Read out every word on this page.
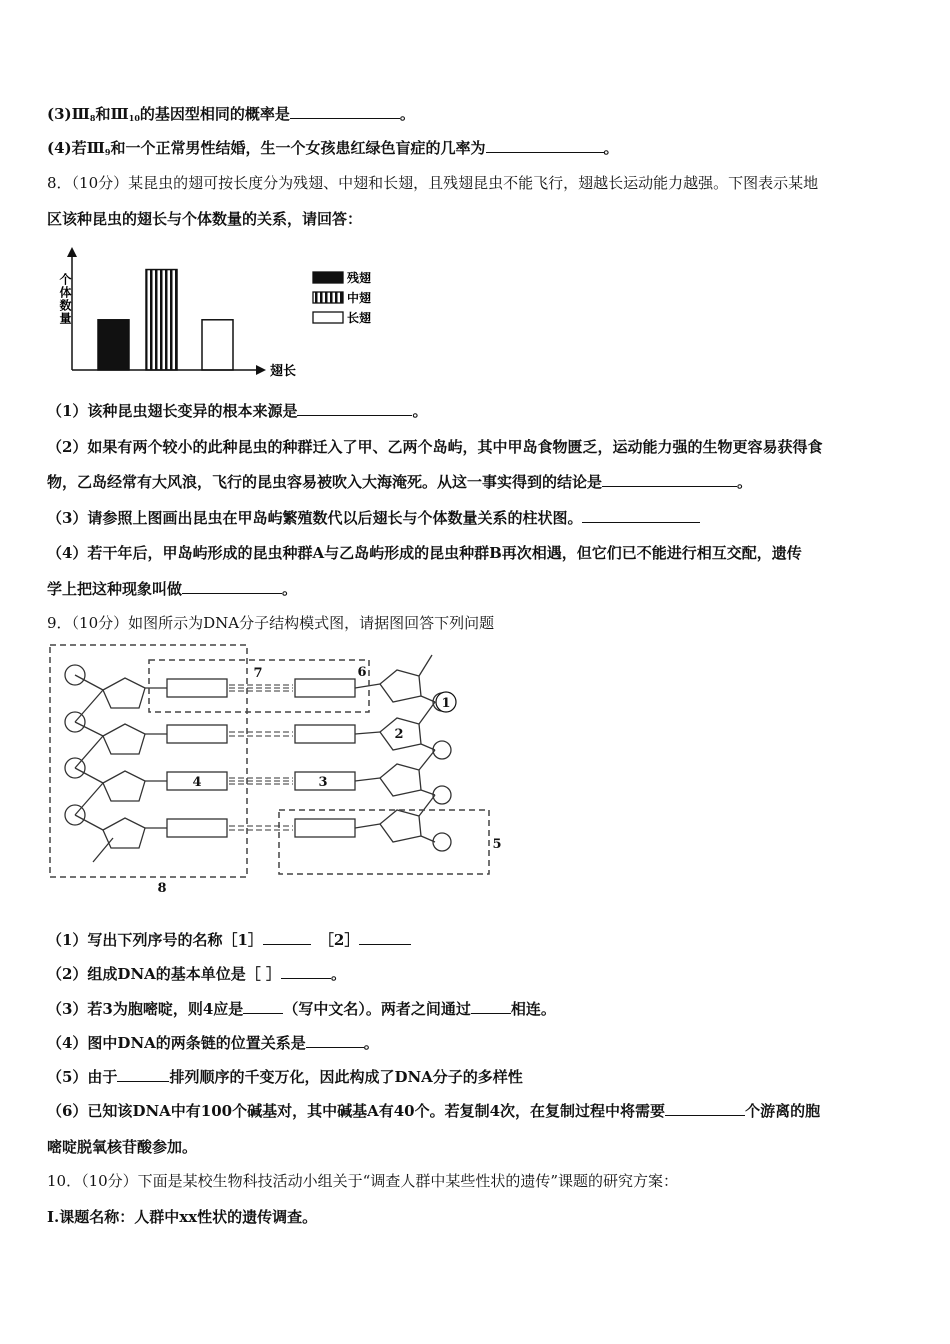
$(3)Ⅲ_8$和$Ⅲ_{10}$的基因型相同的概率是	。
(4)若$Ⅲ_9$和一个正常男性结婚，生一个女孩患红绿色盲症的几率为	。
8．（10分）某昆虫的翅可按长度分为残翅、中翅和长翅，且残翅昆虫不能飞行，翅越长运动能力越强。下图表示某地
区该种昆虫的翅长与个体数量的关系，请回答：
个体数量
翅长
残翅
中翅
长翅
（1）该种昆虫翅长变异的根本来源是	。
（2）如果有两个较小的此种昆虫的种群迁入了甲、乙两个岛屿，其中甲岛食物匮乏，运动能力强的生物更容易获得食
物，乙岛经常有大风浪，飞行的昆虫容易被吹入大海淹死。从这一事实得到的结论是	。
（3）请参照上图画出昆虫在甲岛屿繁殖数代以后翅长与个体数量关系的柱状图。
（4）若干年后，甲岛屿形成的昆虫种群A与乙岛屿形成的昆虫种群B再次相遇，但它们已不能进行相互交配，遗传
学上把这种现象叫做	。
9．（10分）如图所示为DNA分子结构模式图，请据图回答下列问题
1
2
3
4
5
6
7
8
（1）写出下列序号的名称［1］	［2］
（2）组成DNA的基本单位是［ ］	。
（3）若3为胞嘧啶，则4应是	（写中文名）。两者之间通过	相连。
（4）图中DNA的两条链的位置关系是	。
（5）由于	排列顺序的千变万化，因此构成了DNA分子的多样性
（6）已知该DNA中有100个碱基对，其中碱基A有40个。若复制4次，在复制过程中将需要	个游离的胞
嘧啶脱氧核苷酸参加。
10．（10分）下面是某校生物科技活动小组关于“调查人群中某些性状的遗传”课题的研究方案：
I.课题名称：人群中xx性状的遗传调查。
